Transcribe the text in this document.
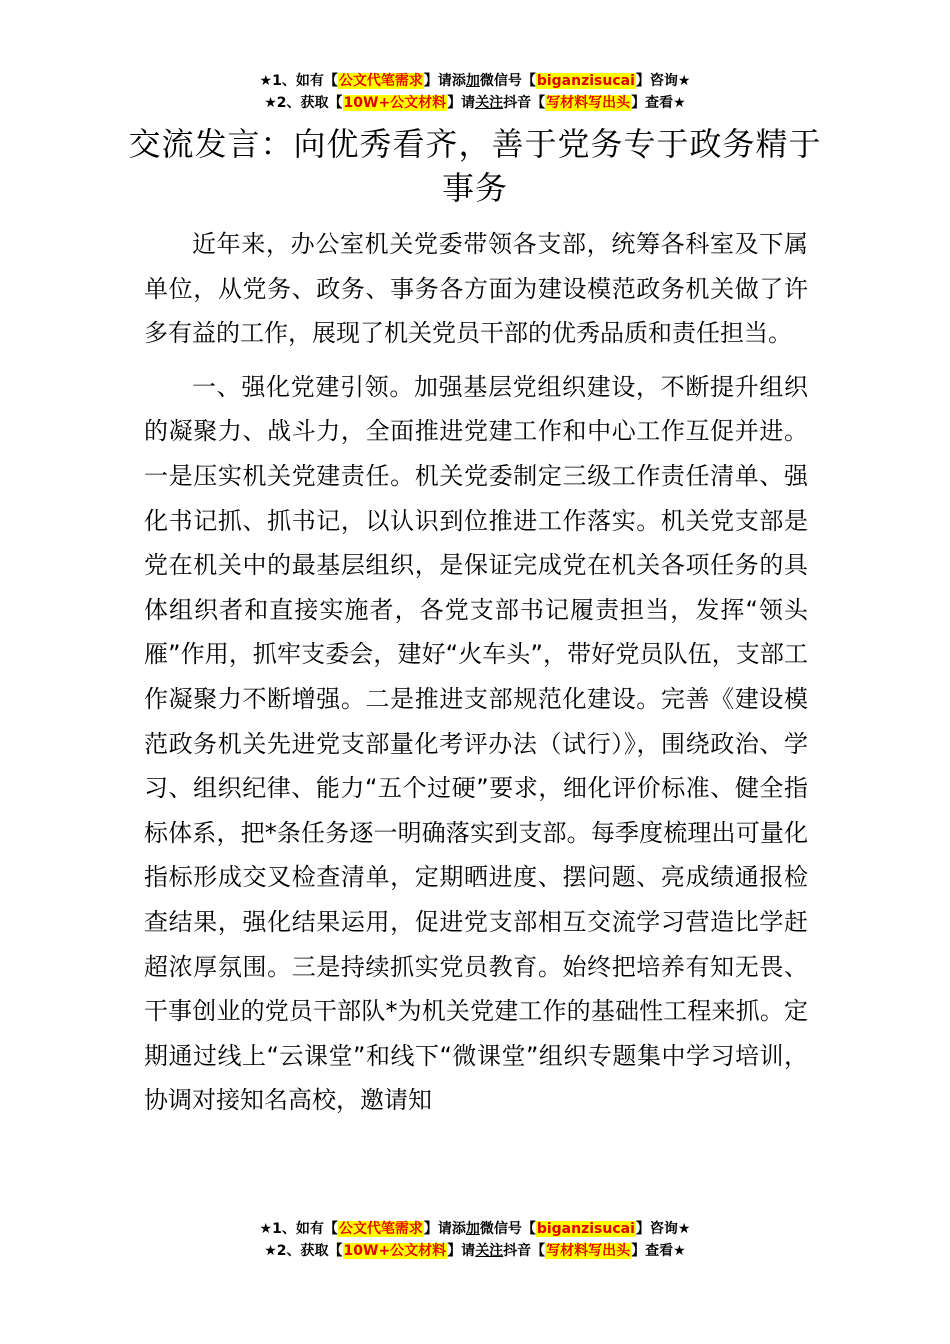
★1、如有【公文代笔需求】请添加微信号【biganzisucai】咨询★
★2、获取【10W+公文材料】请关注抖音【写材料写出头】查看★
交流发言：向优秀看齐，善于党务专于政务精于事务

近年来，办公室机关党委带领各支部，统筹各科室及下属单位，从党务、政务、事务各方面为建设模范政务机关做了许多有益的工作，展现了机关党员干部的优秀品质和责任担当。

一、强化党建引领。加强基层党组织建设，不断提升组织的凝聚力、战斗力，全面推进党建工作和中心工作互促并进。一是压实机关党建责任。机关党委制定三级工作责任清单、强化书记抓、抓书记，以认识到位推进工作落实。机关党支部是党在机关中的最基层组织，是保证完成党在机关各项任务的具体组织者和直接实施者，各党支部书记履责担当，发挥“领头雁”作用，抓牢支委会，建好“火车头”，带好党员队伍，支部工作凝聚力不断增强。二是推进支部规范化建设。完善《建设模范政务机关先进党支部量化考评办法（试行）》，围绕政治、学习、组织纪律、能力“五个过硬”要求，细化评价标准、健全指标体系，把*条任务逐一明确落实到支部。每季度梳理出可量化指标形成交叉检查清单，定期晒进度、摆问题、亮成绩通报检查结果，强化结果运用，促进党支部相互交流学习营造比学赶超浓厚氛围。三是持续抓实党员教育。始终把培养有知无畏、干事创业的党员干部队*为机关党建工作的基础性工程来抓。定期通过线上“云课堂”和线下“微课堂”组织专题集中学习培训，协调对接知名高校，邀请知

★1、如有【公文代笔需求】请添加微信号【biganzisucai】咨询★
★2、获取【10W+公文材料】请关注抖音【写材料写出头】查看★
